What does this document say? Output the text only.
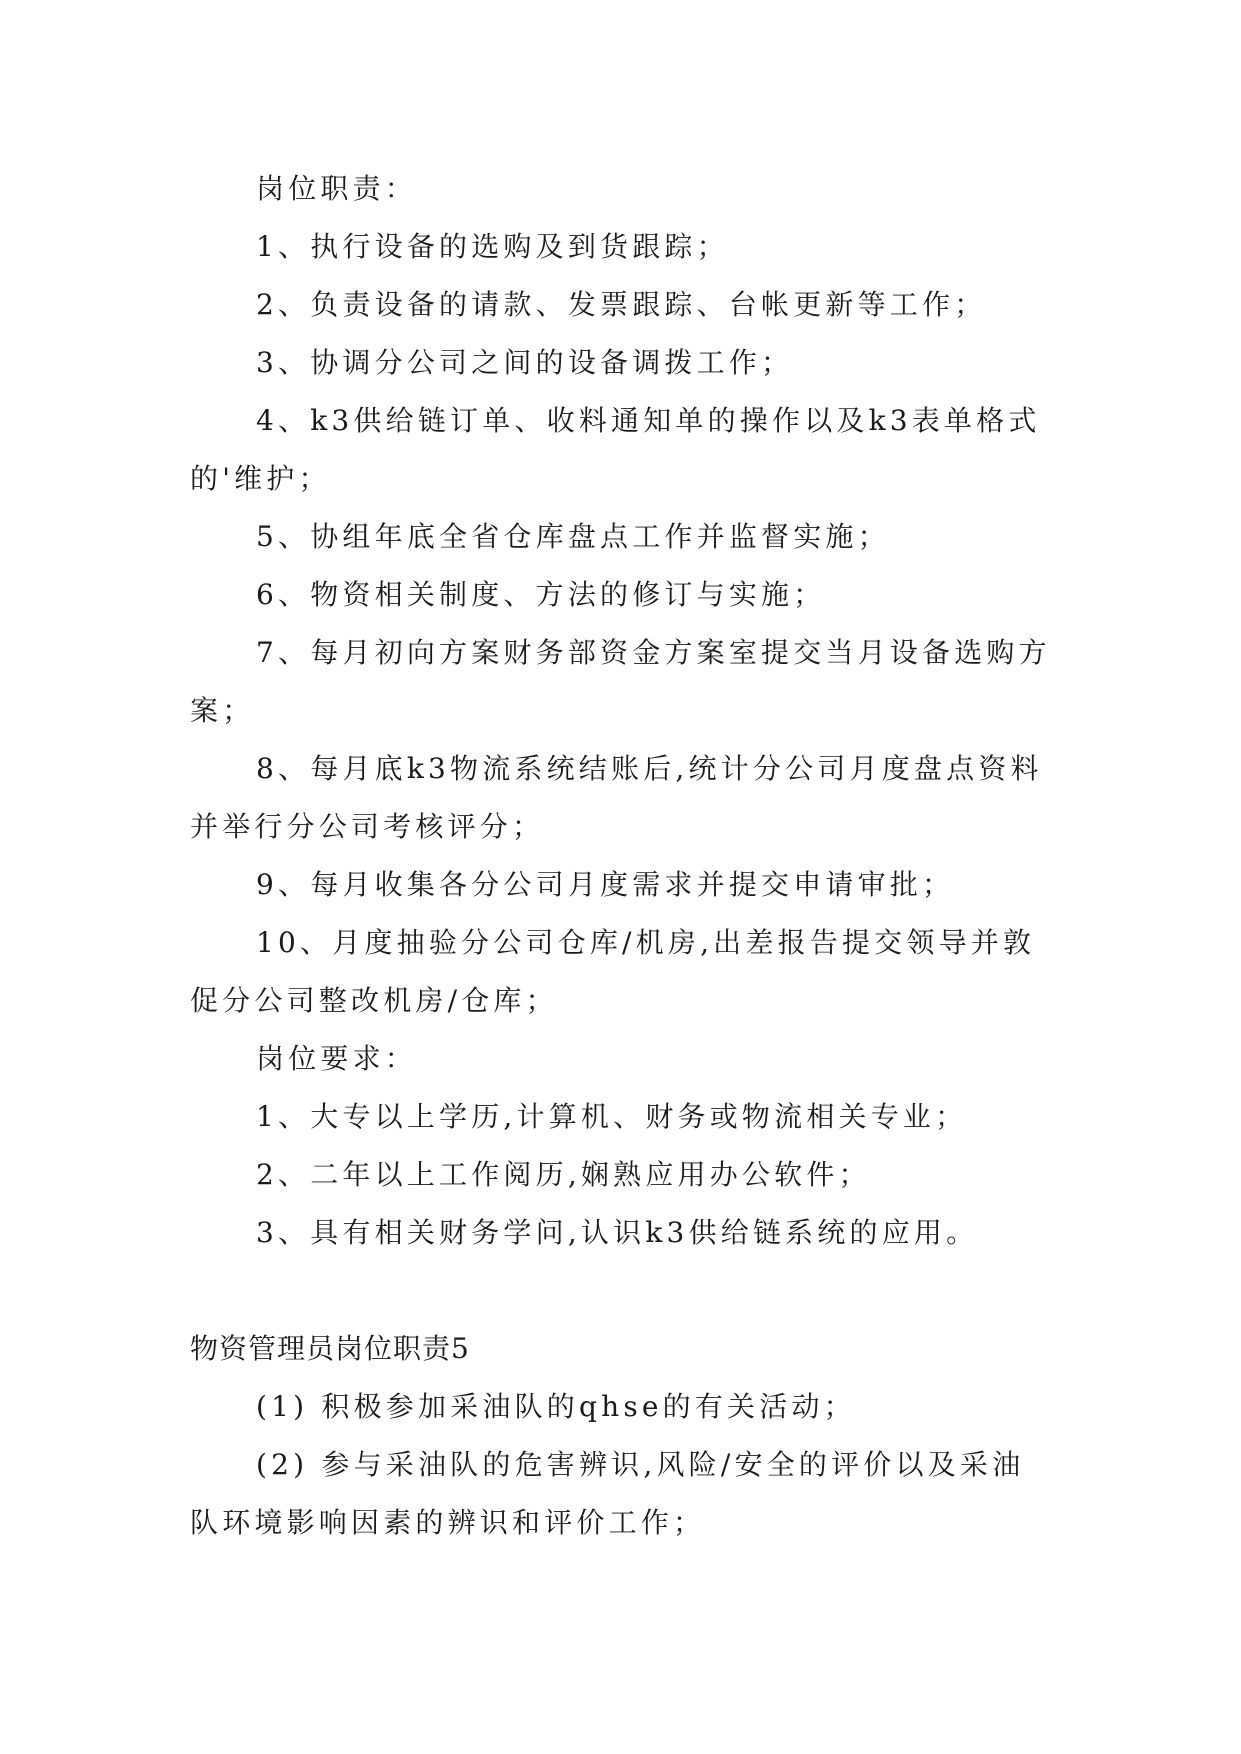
岗位职责：

1、执行设备的选购及到货跟踪；

2、负责设备的请款、发票跟踪、台帐更新等工作；

3、协调分公司之间的设备调拨工作；

4、k3供给链订单、收料通知单的操作以及k3表单格式的'维护；

5、协组年底全省仓库盘点工作并监督实施；

6、物资相关制度、方法的修订与实施；

7、每月初向方案财务部资金方案室提交当月设备选购方案；

8、每月底k3物流系统结账后,统计分公司月度盘点资料并举行分公司考核评分；

9、每月收集各分公司月度需求并提交申请审批；

10、月度抽验分公司仓库/机房,出差报告提交领导并敦促分公司整改机房/仓库；

岗位要求：

1、大专以上学历,计算机、财务或物流相关专业；

2、二年以上工作阅历,娴熟应用办公软件；

3、具有相关财务学问,认识k3供给链系统的应用。

物资管理员岗位职责5

(1) 积极参加采油队的qhse的有关活动；

(2) 参与采油队的危害辨识,风险/安全的评价以及采油队环境影响因素的辨识和评价工作；
